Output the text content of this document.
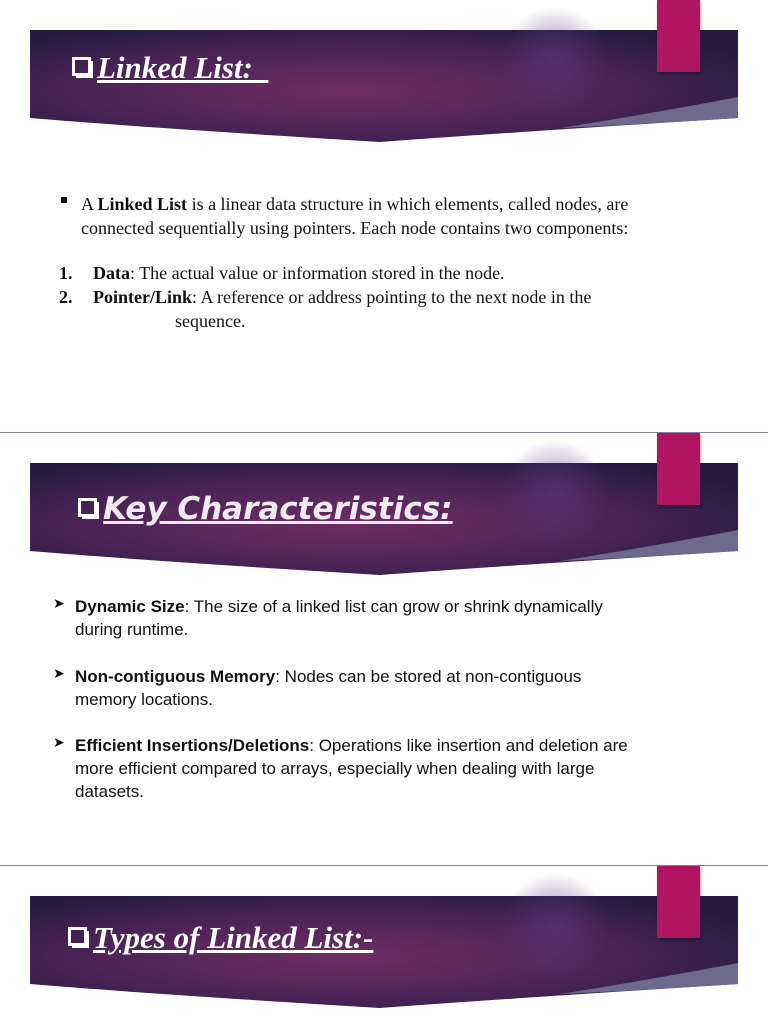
Linked List:_
A Linked List is a linear data structure in which elements, called nodes, are
connected sequentially using pointers. Each node contains two components:
1. Data: The actual value or information stored in the node.
2. Pointer/Link: A reference or address pointing to the next node in the
sequence.
Key Characteristics:
➤ Dynamic Size: The size of a linked list can grow or shrink dynamically
during runtime.
➤ Non-contiguous Memory: Nodes can be stored at non-contiguous
memory locations.
➤ Efficient Insertions/Deletions: Operations like insertion and deletion are
more efficient compared to arrays, especially when dealing with large
datasets.
Types of Linked List:-
